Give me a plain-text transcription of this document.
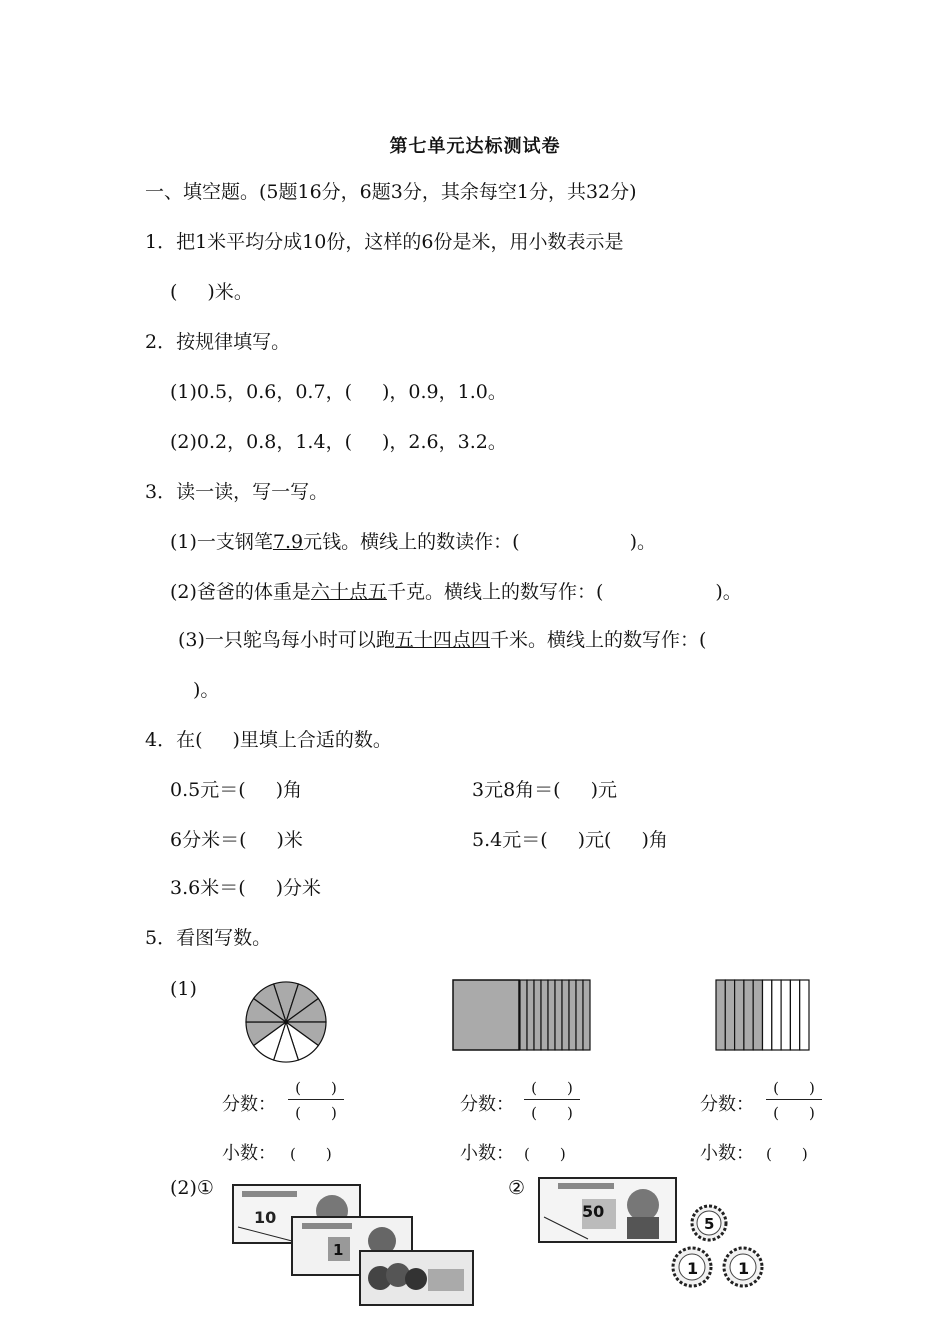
第七单元达标测试卷
一、填空题。(5题16分，6题3分，其余每空1分，共32分)
1．把1米平均分成10份，这样的6份是米，用小数表示是
( )米。
2．按规律填写。
(1)0.5，0.6，0.7，( )，0.9，1.0。
(2)0.2，0.8，1.4，( )，2.6，3.2。
3．读一读，写一写。
(1)一支钢笔7.9元钱。横线上的数读作：(	)。
(2)爸爸的体重是六十点五千克。横线上的数写作：(	)。
(3)一只鸵鸟每小时可以跑五十四点四千米。横线上的数写作：(
)。
4．在( )里填上合适的数。
0.5元＝( )角	3元8角＝( )元
6分米＝( )米	5.4元＝( )元( )角
3.6米＝( )分米
5．看图写数。
(1)
分数：
(　　)
(　　)
小数： (　　)
分数：
(　　)
(　　)
小数： (　　)
分数：
(　　)
(　　)
小数： (　　)
(2)①	②
10
1
50
5
1 1
